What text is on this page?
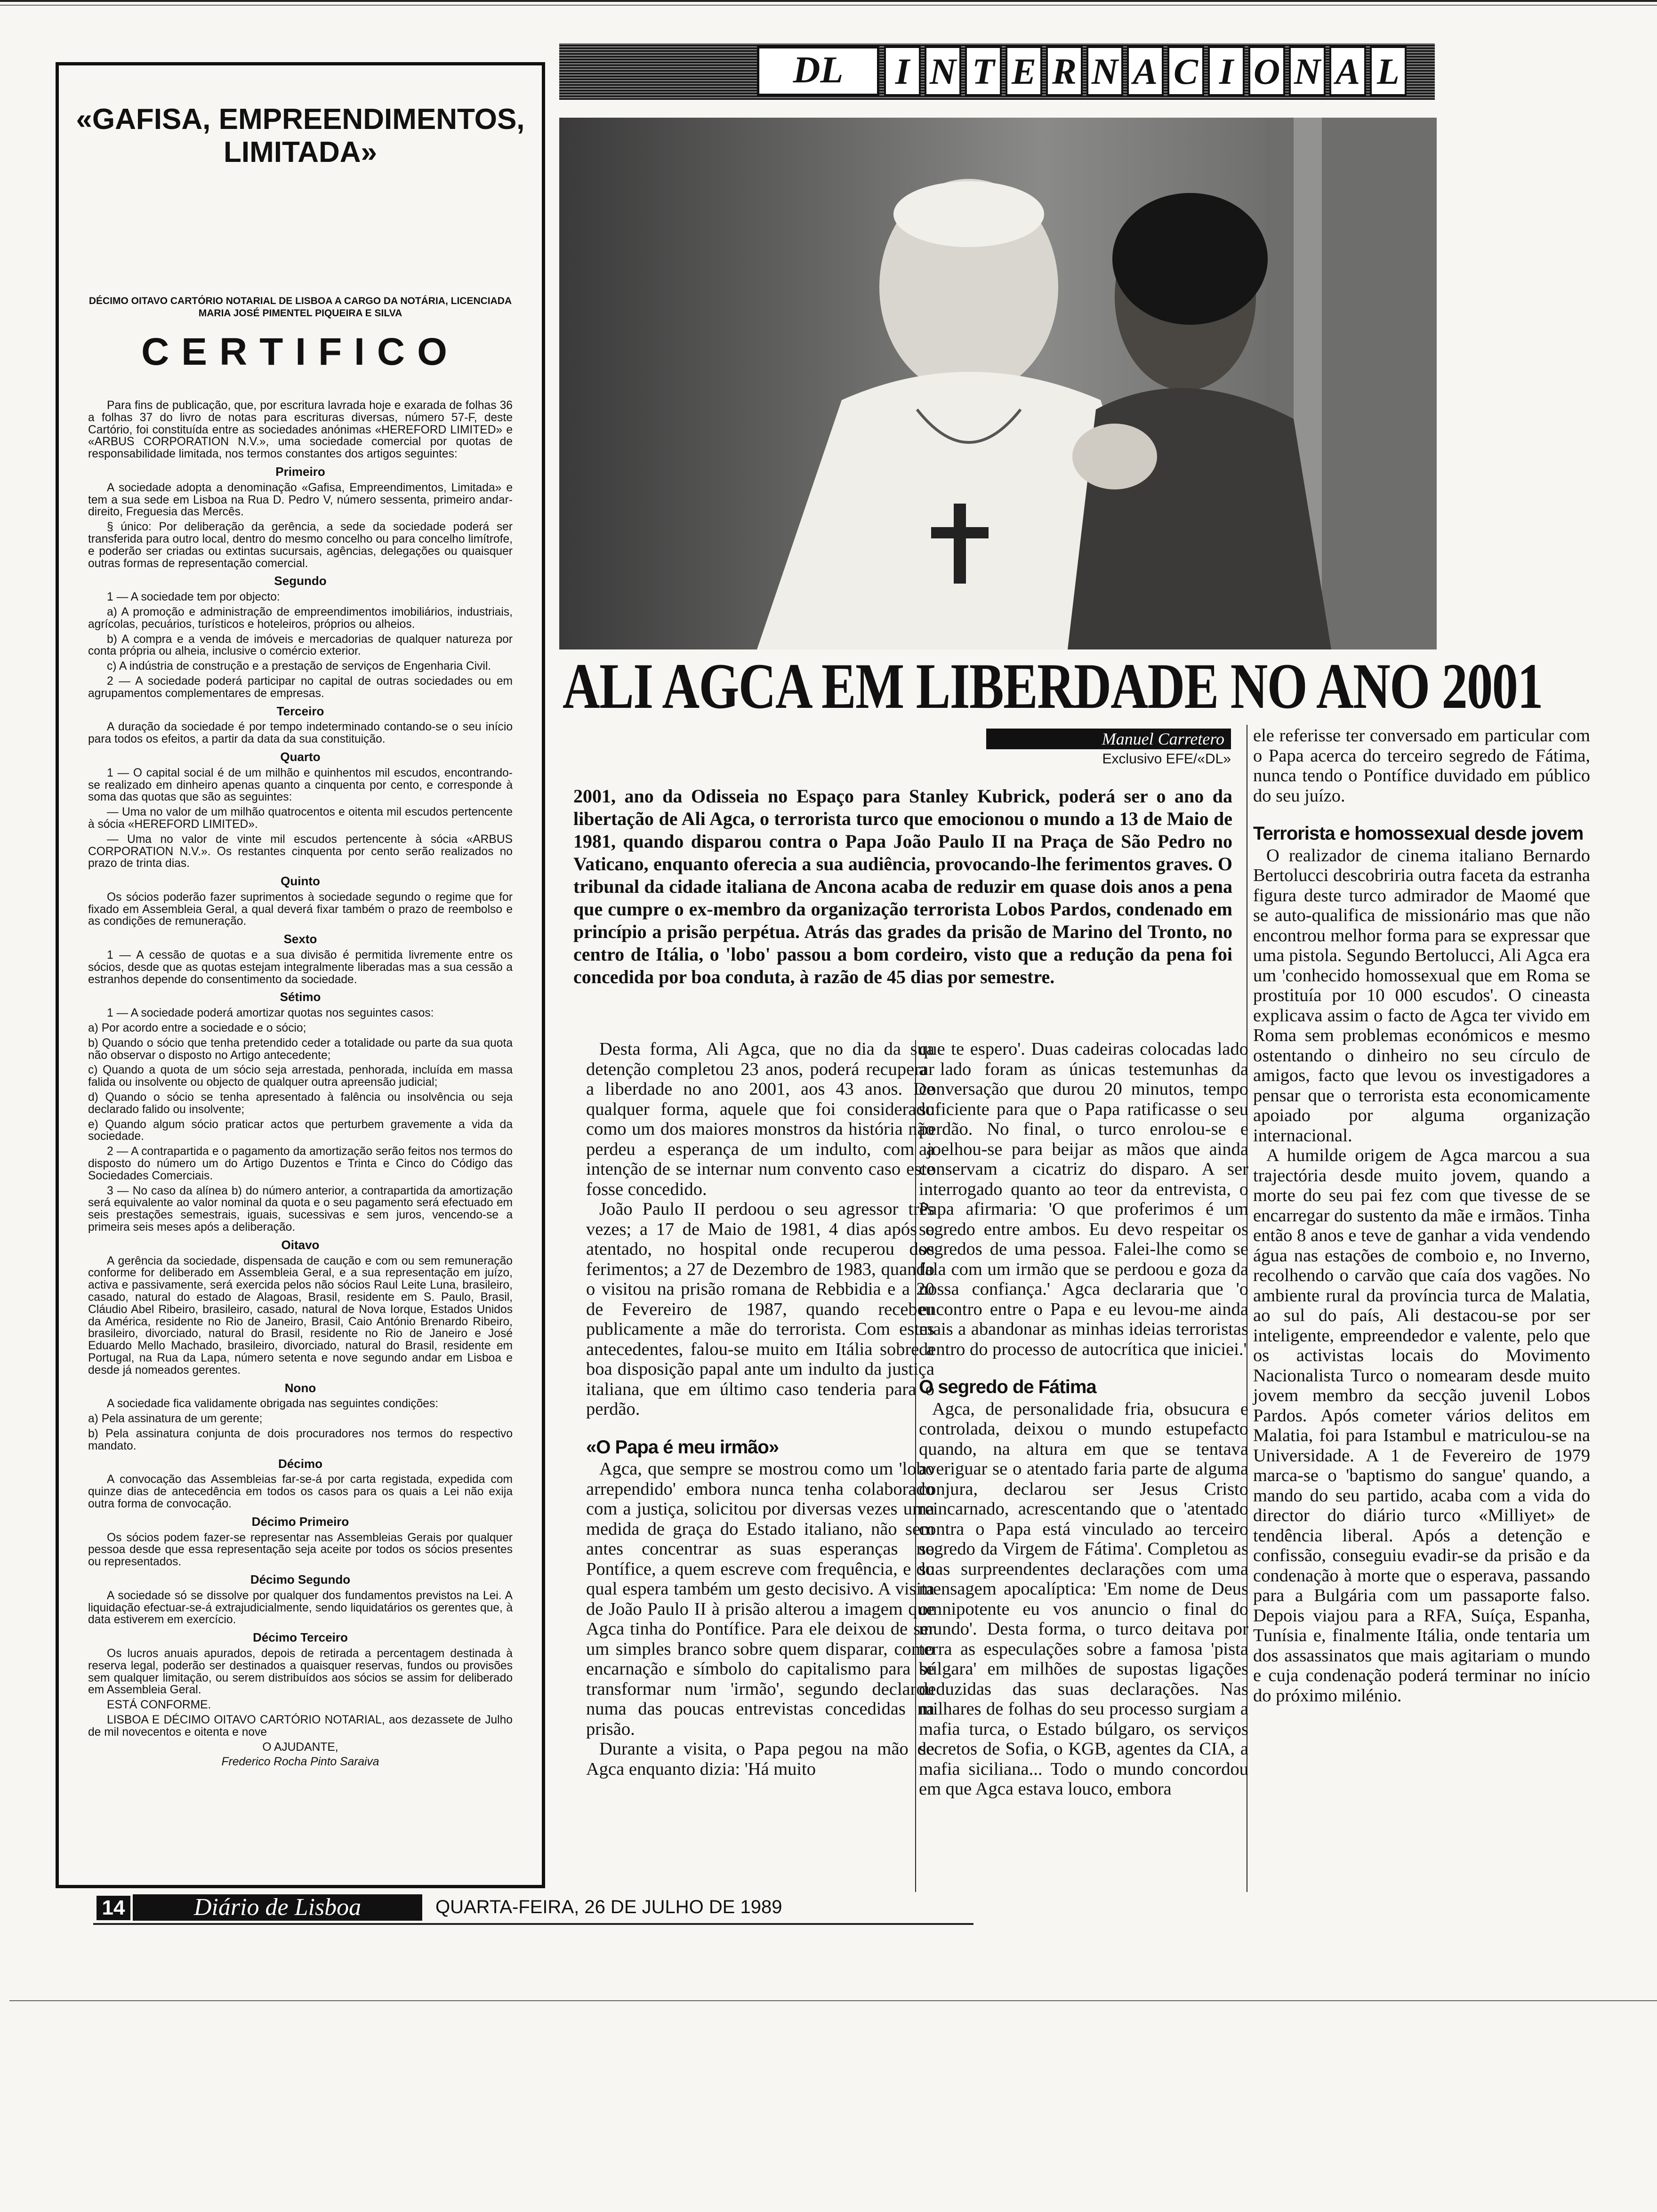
«GAFISA, EMPREENDIMENTOS, LIMITADA»
DÉCIMO OITAVO CARTÓRIO NOTARIAL DE LISBOA A CARGO DA NOTÁRIA, LICENCIADA MARIA JOSÉ PIMENTEL PIQUEIRA E SILVA
CERTIFICO

Para fins de publicação, que, por escritura lavrada hoje e exarada de folhas 36 a folhas 37 do livro de notas para escrituras diversas, número 57-F, deste Cartório, foi constituída entre as sociedades anónimas «HEREFORD LIMITED» e «ARBUS CORPORATION N.V.», uma sociedade comercial por quotas de responsabilidade limitada, nos termos constantes dos artigos seguintes:

Primeiro

A sociedade adopta a denominação «Gafisa, Empreendimentos, Limitada» e tem a sua sede em Lisboa na Rua D. Pedro V, número sessenta, primeiro andar-direito, Freguesia das Mercês.

§ único: Por deliberação da gerência, a sede da sociedade poderá ser transferida para outro local, dentro do mesmo concelho ou para concelho limítrofe, e poderão ser criadas ou extintas sucursais, agências, delegações ou quaisquer outras formas de representação comercial.

Segundo

1 — A sociedade tem por objecto:

a) A promoção e administração de empreendimentos imobiliários, industriais, agrícolas, pecuários, turísticos e hoteleiros, próprios ou alheios.

b) A compra e a venda de imóveis e mercadorias de qualquer natureza por conta própria ou alheia, inclusive o comércio exterior.

c) A indústria de construção e a prestação de serviços de Engenharia Civil.

2 — A sociedade poderá participar no capital de outras sociedades ou em agrupamentos complementares de empresas.

Terceiro

A duração da sociedade é por tempo indeterminado contando-se o seu início para todos os efeitos, a partir da data da sua constituição.

Quarto

1 — O capital social é de um milhão e quinhentos mil escudos, encontrando-se realizado em dinheiro apenas quanto a cinquenta por cento, e corresponde à soma das quotas que são as seguintes:

— Uma no valor de um milhão quatrocentos e oitenta mil escudos pertencente à sócia «HEREFORD LIMITED».

— Uma no valor de vinte mil escudos pertencente à sócia «ARBUS CORPORATION N.V.». Os restantes cinquenta por cento serão realizados no prazo de trinta dias.

Quinto

Os sócios poderão fazer suprimentos à sociedade segundo o regime que for fixado em Assembleia Geral, a qual deverá fixar também o prazo de reembolso e as condições de remuneração.

Sexto

1 — A cessão de quotas e a sua divisão é permitida livremente entre os sócios, desde que as quotas estejam integralmente liberadas mas a sua cessão a estranhos depende do consentimento da sociedade.

Sétimo

1 — A sociedade poderá amortizar quotas nos seguintes casos:

a) Por acordo entre a sociedade e o sócio;

b) Quando o sócio que tenha pretendido ceder a totalidade ou parte da sua quota não observar o disposto no Artigo antecedente;

c) Quando a quota de um sócio seja arrestada, penhorada, incluída em massa falida ou insolvente ou objecto de qualquer outra apreensão judicial;

d) Quando o sócio se tenha apresentado à falência ou insolvência ou seja declarado falido ou insolvente;

e) Quando algum sócio praticar actos que perturbem gravemente a vida da sociedade.

2 — A contrapartida e o pagamento da amortização serão feitos nos termos do disposto do número um do Artigo Duzentos e Trinta e Cinco do Código das Sociedades Comerciais.

3 — No caso da alínea b) do número anterior, a contrapartida da amortização será equivalente ao valor nominal da quota e o seu pagamento será efectuado em seis prestações semestrais, iguais, sucessivas e sem juros, vencendo-se a primeira seis meses após a deliberação.

Oitavo

A gerência da sociedade, dispensada de caução e com ou sem remuneração conforme for deliberado em Assembleia Geral, e a sua representação em juízo, activa e passivamente, será exercida pelos não sócios Raul Leite Luna, brasileiro, casado, natural do estado de Alagoas, Brasil, residente em S. Paulo, Brasil, Cláudio Abel Ribeiro, brasileiro, casado, natural de Nova Iorque, Estados Unidos da América, residente no Rio de Janeiro, Brasil, Caio António Brenardo Ribeiro, brasileiro, divorciado, natural do Brasil, residente no Rio de Janeiro e José Eduardo Mello Machado, brasileiro, divorciado, natural do Brasil, residente em Portugal, na Rua da Lapa, número setenta e nove segundo andar em Lisboa e desde já nomeados gerentes.

Nono

A sociedade fica validamente obrigada nas seguintes condições:

a) Pela assinatura de um gerente;

b) Pela assinatura conjunta de dois procuradores nos termos do respectivo mandato.

Décimo

A convocação das Assembleias far-se-á por carta registada, expedida com quinze dias de antecedência em todos os casos para os quais a Lei não exija outra forma de convocação.

Décimo Primeiro

Os sócios podem fazer-se representar nas Assembleias Gerais por qualquer pessoa desde que essa representação seja aceite por todos os sócios presentes ou representados.

Décimo Segundo

A sociedade só se dissolve por qualquer dos fundamentos previstos na Lei. A liquidação efectuar-se-á extrajudicialmente, sendo liquidatários os gerentes que, à data estiverem em exercício.

Décimo Terceiro

Os lucros anuais apurados, depois de retirada a percentagem destinada à reserva legal, poderão ser destinados a quaisquer reservas, fundos ou provisões sem qualquer limitação, ou serem distribuídos aos sócios se assim for deliberado em Assembleia Geral.

ESTÁ CONFORME.

LISBOA E DÉCIMO OITAVO CARTÓRIO NOTARIAL, aos dezassete de Julho de mil novecentos e oitenta e nove

O AJUDANTE,

Frederico Rocha Pinto Saraiva

DL	I N T E R N A C I O N A L
ALI AGCA EM LIBERDADE NO ANO 2001
Manuel Carretero
Exclusivo EFE/«DL»
2001, ano da Odisseia no Espaço para Stanley Kubrick, poderá ser o ano da libertação de Ali Agca, o terrorista turco que emocionou o mundo a 13 de Maio de 1981, quando disparou contra o Papa João Paulo II na Praça de São Pedro no Vaticano, enquanto oferecia a sua audiência, provocando-lhe ferimentos graves. O tribunal da cidade italiana de Ancona acaba de reduzir em quase dois anos a pena que cumpre o ex-membro da organização terrorista Lobos Pardos, condenado em princípio a prisão perpétua. Atrás das grades da prisão de Marino del Tronto, no centro de Itália, o 'lobo' passou a bom cordeiro, visto que a redução da pena foi concedida por boa conduta, à razão de 45 dias por semestre.

Desta forma, Ali Agca, que no dia da sua detenção completou 23 anos, poderá recuperar a liberdade no ano 2001, aos 43 anos. De qualquer forma, aquele que foi considerado como um dos maiores monstros da história não perdeu a esperança de um indulto, com a intenção de se internar num convento caso este fosse concedido.

João Paulo II perdoou o seu agressor três vezes; a 17 de Maio de 1981, 4 dias após o atentado, no hospital onde recuperou dos ferimentos; a 27 de Dezembro de 1983, quando o visitou na prisão romana de Rebbidia e a 20 de Fevereiro de 1987, quando recebeu publicamente a mãe do terrorista. Com estes antecedentes, falou-se muito em Itália sobre a boa disposição papal ante um indulto da justiça italiana, que em último caso tenderia para o perdão.

«O Papa é meu irmão»

Agca, que sempre se mostrou como um 'lobo arrependido' embora nunca tenha colaborado com a justiça, solicitou por diversas vezes uma medida de graça do Estado italiano, não sem antes concentrar as suas esperanças no Pontífice, a quem escreve com frequência, e do qual espera também um gesto decisivo. A visita de João Paulo II à prisão alterou a imagem que Agca tinha do Pontífice. Para ele deixou de ser um simples branco sobre quem disparar, como encarnação e símbolo do capitalismo para se transformar num 'irmão', segundo declarou numa das poucas entrevistas concedidas na prisão.

Durante a visita, o Papa pegou na mão de Agca enquanto dizia: 'Há muito

que te espero'. Duas cadeiras colocadas lado a lado foram as únicas testemunhas da conversação que durou 20 minutos, tempo suficiente para que o Papa ratificasse o seu perdão. No final, o turco enrolou-se e ajoelhou-se para beijar as mãos que ainda conservam a cicatriz do disparo. A ser interrogado quanto ao teor da entrevista, o Papa afirmaria: 'O que proferimos é um segredo entre ambos. Eu devo respeitar os segredos de uma pessoa. Falei-lhe como se fala com um irmão que se perdoou e goza da nossa confiança.' Agca declararia que 'o encontro entre o Papa e eu levou-me ainda mais a abandonar as minhas ideias terroristas dentro do processo de autocrítica que iniciei.'

O segredo de Fátima

Agca, de personalidade fria, obsucura e controlada, deixou o mundo estupefacto quando, na altura em que se tentava averiguar se o atentado faria parte de alguma conjura, declarou ser Jesus Cristo reincarnado, acrescentando que o 'atentado contra o Papa está vinculado ao terceiro segredo da Virgem de Fátima'. Completou as suas surpreendentes declarações com uma mensagem apocalíptica: 'Em nome de Deus omnipotente eu vos anuncio o final do mundo'. Desta forma, o turco deitava por terra as especulações sobre a famosa 'pista búlgara' em milhões de supostas ligações deduzidas das suas declarações. Nas milhares de folhas do seu processo surgiam a mafia turca, o Estado búlgaro, os serviços secretos de Sofia, o KGB, agentes da CIA, a mafia siciliana... Todo o mundo concordou em que Agca estava louco, embora

ele referisse ter conversado em particular com o Papa acerca do terceiro segredo de Fátima, nunca tendo o Pontífice duvidado em público do seu juízo.

Terrorista e homossexual desde jovem

O realizador de cinema italiano Bernardo Bertolucci descobriria outra faceta da estranha figura deste turco admirador de Maomé que se auto-qualifica de missionário mas que não encontrou melhor forma para se expressar que uma pistola. Segundo Bertolucci, Ali Agca era um 'conhecido homossexual que em Roma se prostituía por 10 000 escudos'. O cineasta explicava assim o facto de Agca ter vivido em Roma sem problemas económicos e mesmo ostentando o dinheiro no seu círculo de amigos, facto que levou os investigadores a pensar que o terrorista esta economicamente apoiado por alguma organização internacional.

A humilde origem de Agca marcou a sua trajectória desde muito jovem, quando a morte do seu pai fez com que tivesse de se encarregar do sustento da mãe e irmãos. Tinha então 8 anos e teve de ganhar a vida vendendo água nas estações de comboio e, no Inverno, recolhendo o carvão que caía dos vagões. No ambiente rural da província turca de Malatia, ao sul do país, Ali destacou-se por ser inteligente, empreendedor e valente, pelo que os activistas locais do Movimento Nacionalista Turco o nomearam desde muito jovem membro da secção juvenil Lobos Pardos. Após cometer vários delitos em Malatia, foi para Istambul e matriculou-se na Universidade. A 1 de Fevereiro de 1979 marca-se o 'baptismo do sangue' quando, a mando do seu partido, acaba com a vida do director do diário turco «Milliyet» de tendência liberal. Após a detenção e confissão, conseguiu evadir-se da prisão e da condenação à morte que o esperava, passando para a Bulgária com um passaporte falso. Depois viajou para a RFA, Suíça, Espanha, Tunísia e, finalmente Itália, onde tentaria um dos assassinatos que mais agitariam o mundo e cuja condenação poderá terminar no início do próximo milénio.

14	Diário de Lisboa	QUARTA-FEIRA, 26 DE JULHO DE 1989
